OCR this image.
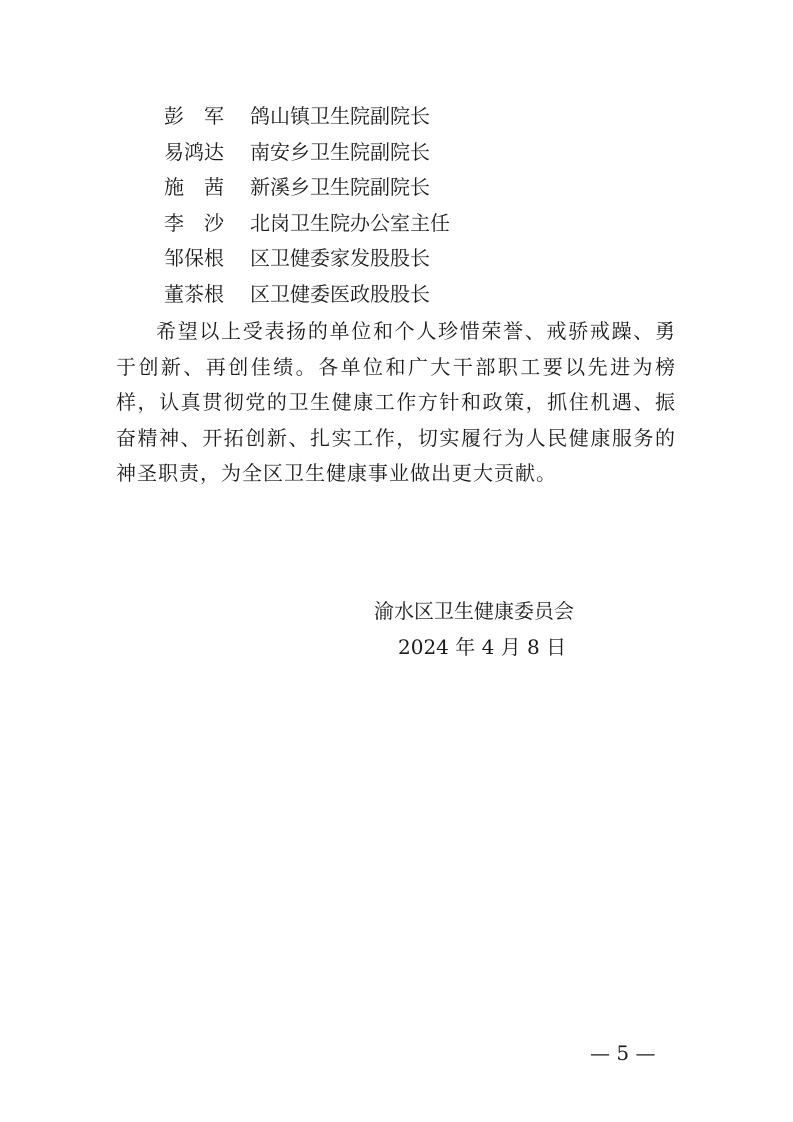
彭军 鸽山镇卫生院副院长
易鸿达 南安乡卫生院副院长
施茜 新溪乡卫生院副院长
李沙 北岗卫生院办公室主任
邹保根 区卫健委家发股股长
董茶根 区卫健委医政股股长

希望以上受表扬的单位和个人珍惜荣誉、戒骄戒躁、勇于创新、再创佳绩。各单位和广大干部职工要以先进为榜样，认真贯彻党的卫生健康工作方针和政策，抓住机遇、振奋精神、开拓创新、扎实工作，切实履行为人民健康服务的神圣职责，为全区卫生健康事业做出更大贡献。

渝水区卫生健康委员会
2024 年 4 月 8 日
— 5 —
